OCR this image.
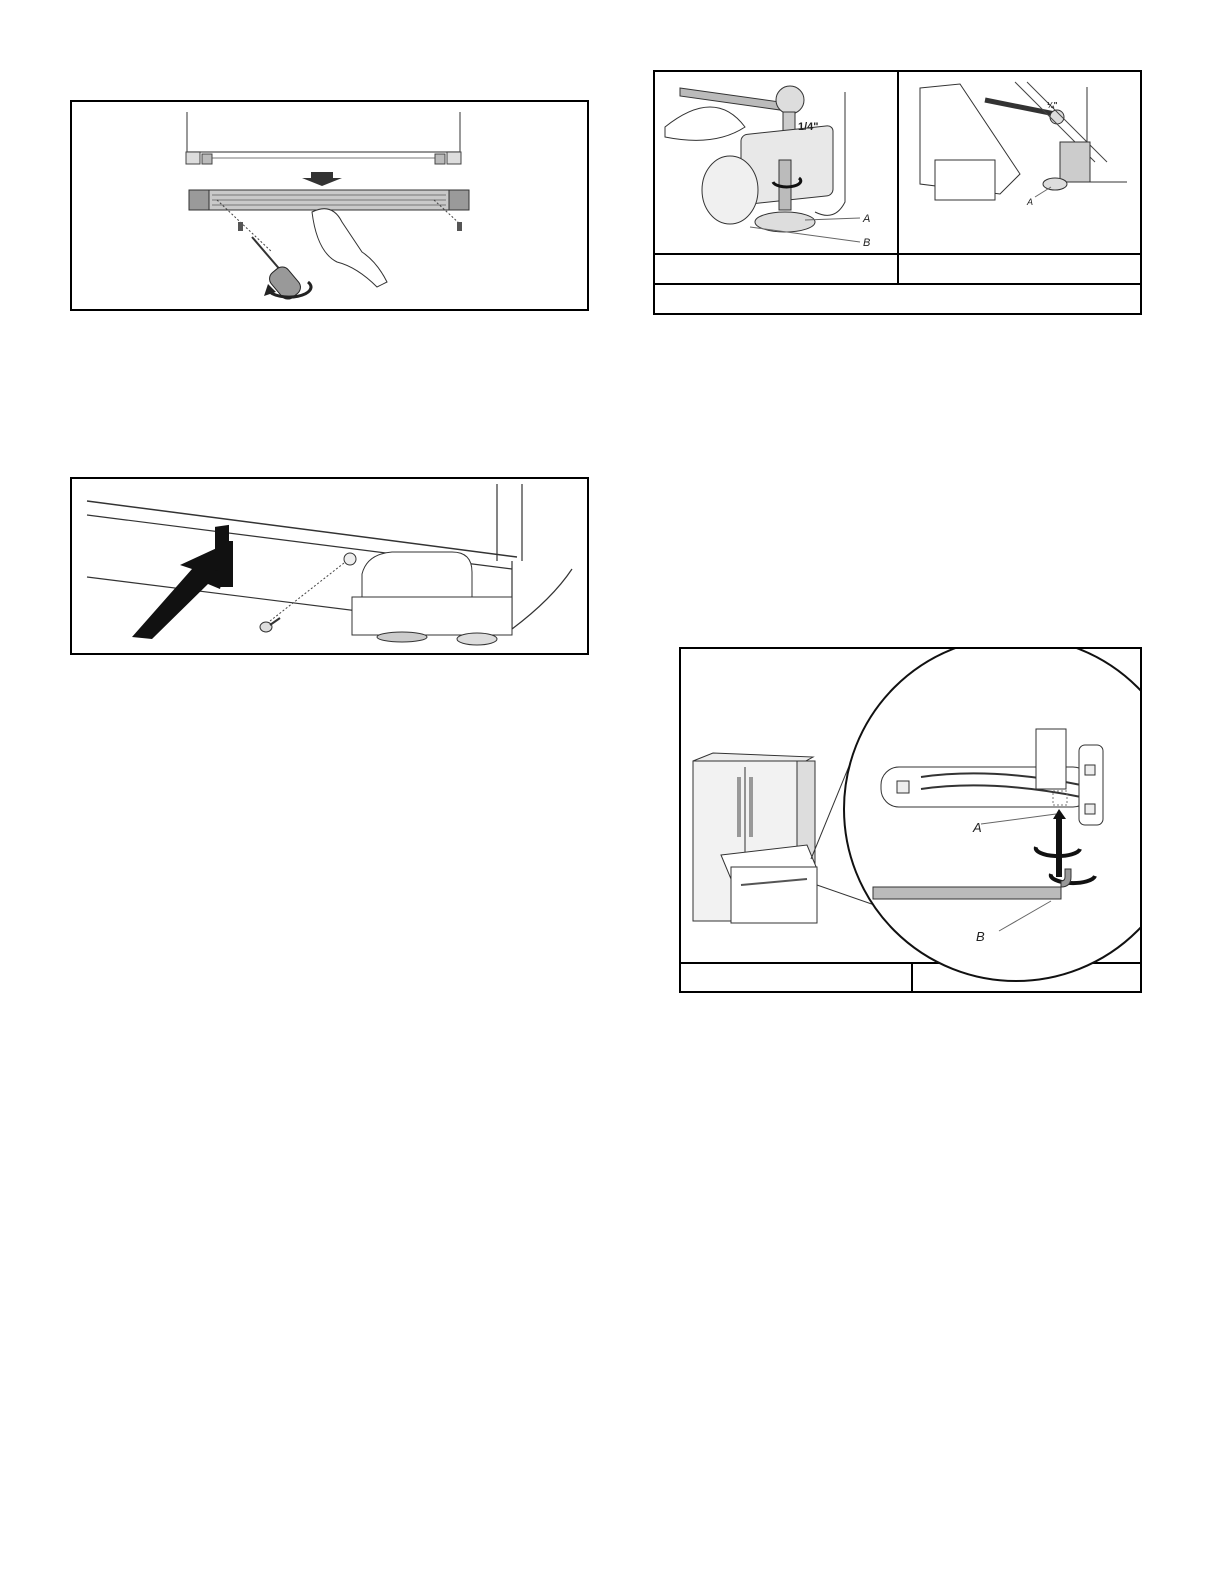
1/4"
A
B
¼"
A
A
B
